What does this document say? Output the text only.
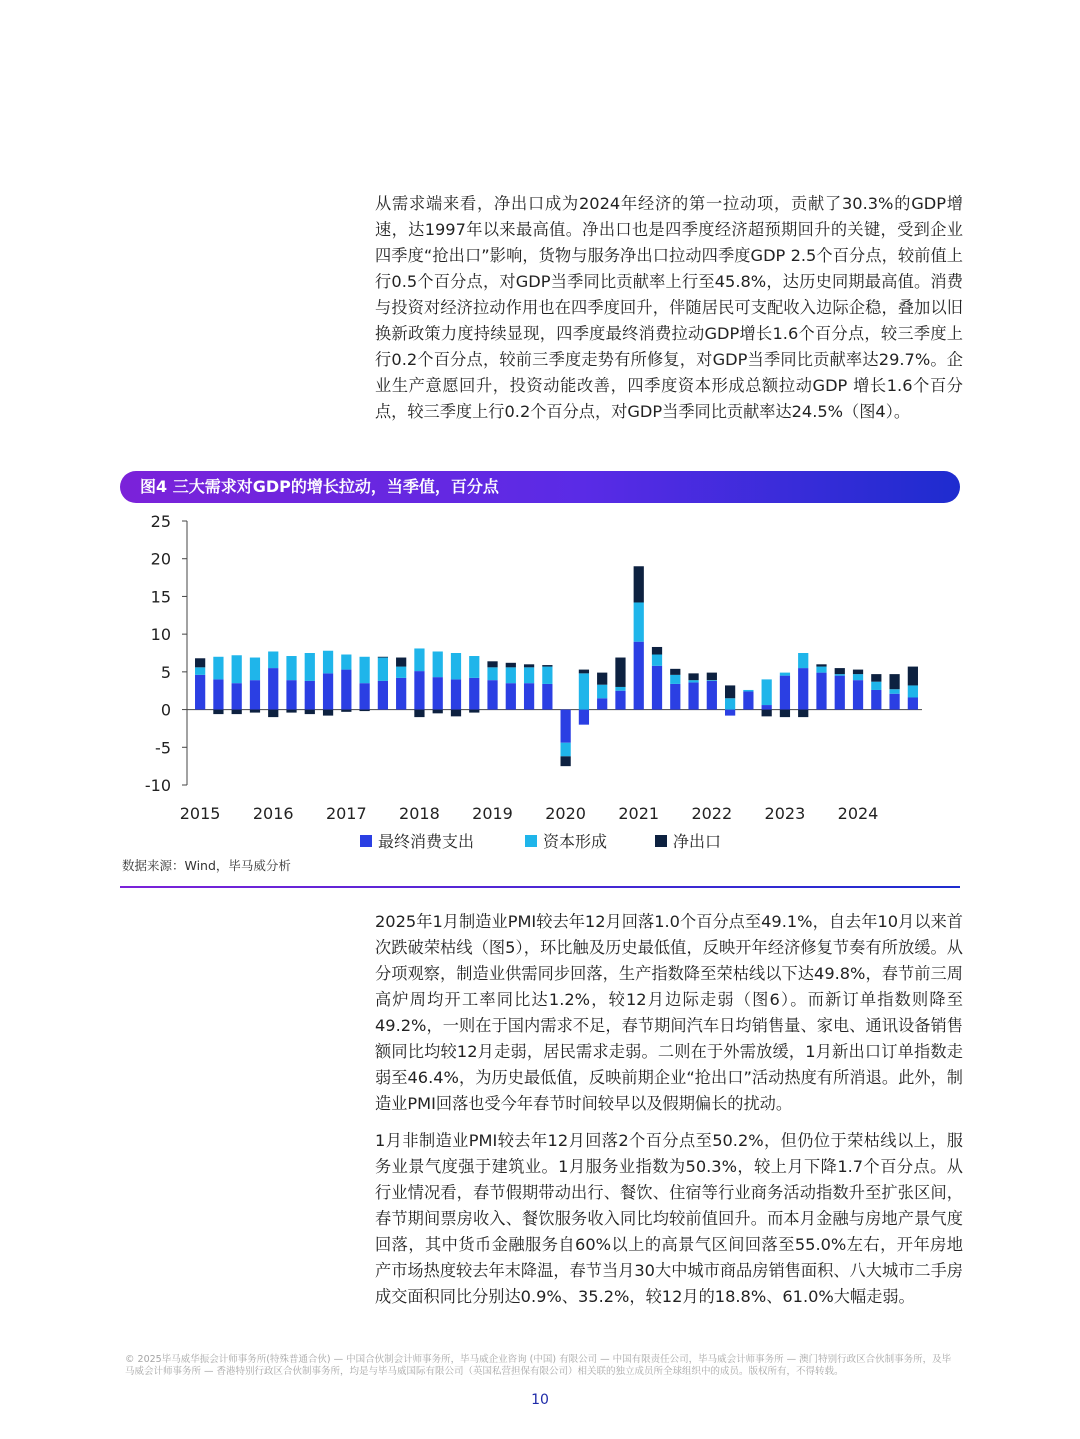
从需求端来看，净出口成为2024年经济的第一拉动项，贡献了30.3%的GDP增速，达1997年以来最高值。净出口也是四季度经济超预期回升的关键，受到企业四季度“抢出口”影响，货物与服务净出口拉动四季度GDP 2.5个百分点，较前值上行0.5个百分点，对GDP当季同比贡献率上行至45.8%，达历史同期最高值。消费与投资对经济拉动作用也在四季度回升，伴随居民可支配收入边际企稳，叠加以旧换新政策力度持续显现，四季度最终消费拉动GDP增长1.6个百分点，较三季度上行0.2个百分点，较前三季度走势有所修复，对GDP当季同比贡献率达29.7%。企业生产意愿回升，投资动能改善，四季度资本形成总额拉动GDP 增长1.6个百分点，较三季度上行0.2个百分点，对GDP当季同比贡献率达24.5%（图4）。

图4 三大需求对GDP的增长拉动，当季值，百分点
25
20
15
10
5
0
-5
-10
2015 2016 2017 2018 2019 2020 2021 2022 2023 2024
最终消费支出	资本形成	净出口

数据来源：Wind，毕马威分析

2025年1月制造业PMI较去年12月回落1.0个百分点至49.1%，自去年10月以来首次跌破荣枯线（图5），环比触及历史最低值，反映开年经济修复节奏有所放缓。从分项观察，制造业供需同步回落，生产指数降至荣枯线以下达49.8%，春节前三周高炉周均开工率同比达1.2%，较12月边际走弱（图6）。而新订单指数则降至49.2%，一则在于国内需求不足，春节期间汽车日均销售量、家电、通讯设备销售额同比均较12月走弱，居民需求走弱。二则在于外需放缓，1月新出口订单指数走弱至46.4%，为历史最低值，反映前期企业“抢出口”活动热度有所消退。此外，制造业PMI回落也受今年春节时间较早以及假期偏长的扰动。

1月非制造业PMI较去年12月回落2个百分点至50.2%，但仍位于荣枯线以上，服务业景气度强于建筑业。1月服务业指数为50.3%，较上月下降1.7个百分点。从行业情况看，春节假期带动出行、餐饮、住宿等行业商务活动指数升至扩张区间，春节期间票房收入、餐饮服务收入同比均较前值回升。而本月金融与房地产景气度回落，其中货币金融服务自60%以上的高景气区间回落至55.0%左右，开年房地产市场热度较去年末降温，春节当月30大中城市商品房销售面积、八大城市二手房成交面积同比分别达0.9%、35.2%，较12月的18.8%、61.0%大幅走弱。

© 2025毕马威华振会计师事务所(特殊普通合伙) — 中国合伙制会计师事务所，毕马威企业咨询 (中国) 有限公司 — 中国有限责任公司，毕马威会计师事务所 — 澳门特别行政区合伙制事务所，及毕马威会计师事务所 — 香港特别行政区合伙制事务所，均是与毕马威国际有限公司（英国私营担保有限公司）相关联的独立成员所全球组织中的成员。版权所有，不得转载。

10
